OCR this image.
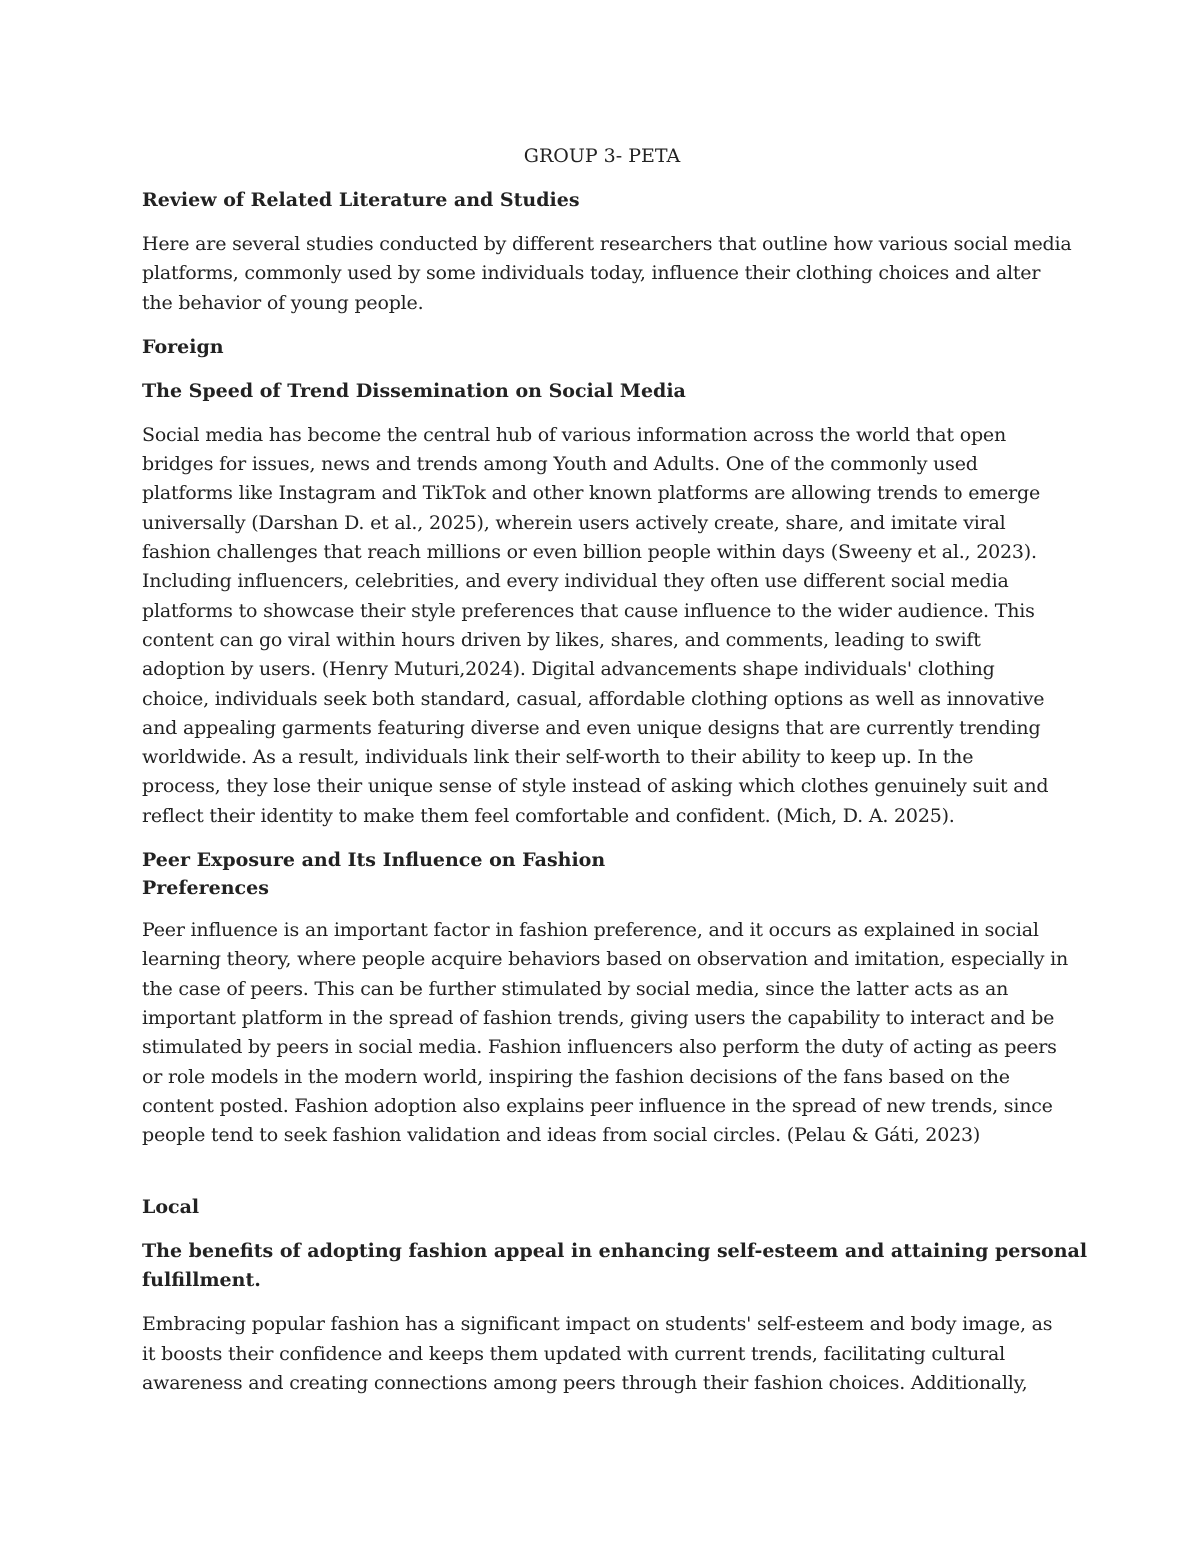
GROUP 3- PETA
Review of Related Literature and Studies
Here are several studies conducted by different researchers that outline how various social media
platforms, commonly used by some individuals today, influence their clothing choices and alter
the behavior of young people.
Foreign
The Speed of Trend Dissemination on Social Media
Social media has become the central hub of various information across the world that open
bridges for issues, news and trends among Youth and Adults. One of the commonly used
platforms like Instagram and TikTok and other known platforms are allowing trends to emerge
universally (Darshan D. et al., 2025), wherein users actively create, share, and imitate viral
fashion challenges that reach millions or even billion people within days (Sweeny et al., 2023).
Including influencers, celebrities, and every individual they often use different social media
platforms to showcase their style preferences that cause influence to the wider audience. This
content can go viral within hours driven by likes, shares, and comments, leading to swift
adoption by users. (Henry Muturi,2024). Digital advancements shape individuals' clothing
choice, individuals seek both standard, casual, affordable clothing options as well as innovative
and appealing garments featuring diverse and even unique designs that are currently trending
worldwide. As a result, individuals link their self-worth to their ability to keep up. In the
process, they lose their unique sense of style instead of asking which clothes genuinely suit and
reflect their identity to make them feel comfortable and confident. (Mich, D. A. 2025).
Peer Exposure and Its Influence on Fashion
Preferences
Peer influence is an important factor in fashion preference, and it occurs as explained in social
learning theory, where people acquire behaviors based on observation and imitation, especially in
the case of peers. This can be further stimulated by social media, since the latter acts as an
important platform in the spread of fashion trends, giving users the capability to interact and be
stimulated by peers in social media. Fashion influencers also perform the duty of acting as peers
or role models in the modern world, inspiring the fashion decisions of the fans based on the
content posted. Fashion adoption also explains peer influence in the spread of new trends, since
people tend to seek fashion validation and ideas from social circles. (Pelau & Gáti, 2023)
Local
The benefits of adopting fashion appeal in enhancing self-esteem and attaining personal
fulfillment.
Embracing popular fashion has a significant impact on students' self-esteem and body image, as
it boosts their confidence and keeps them updated with current trends, facilitating cultural
awareness and creating connections among peers through their fashion choices. Additionally,
